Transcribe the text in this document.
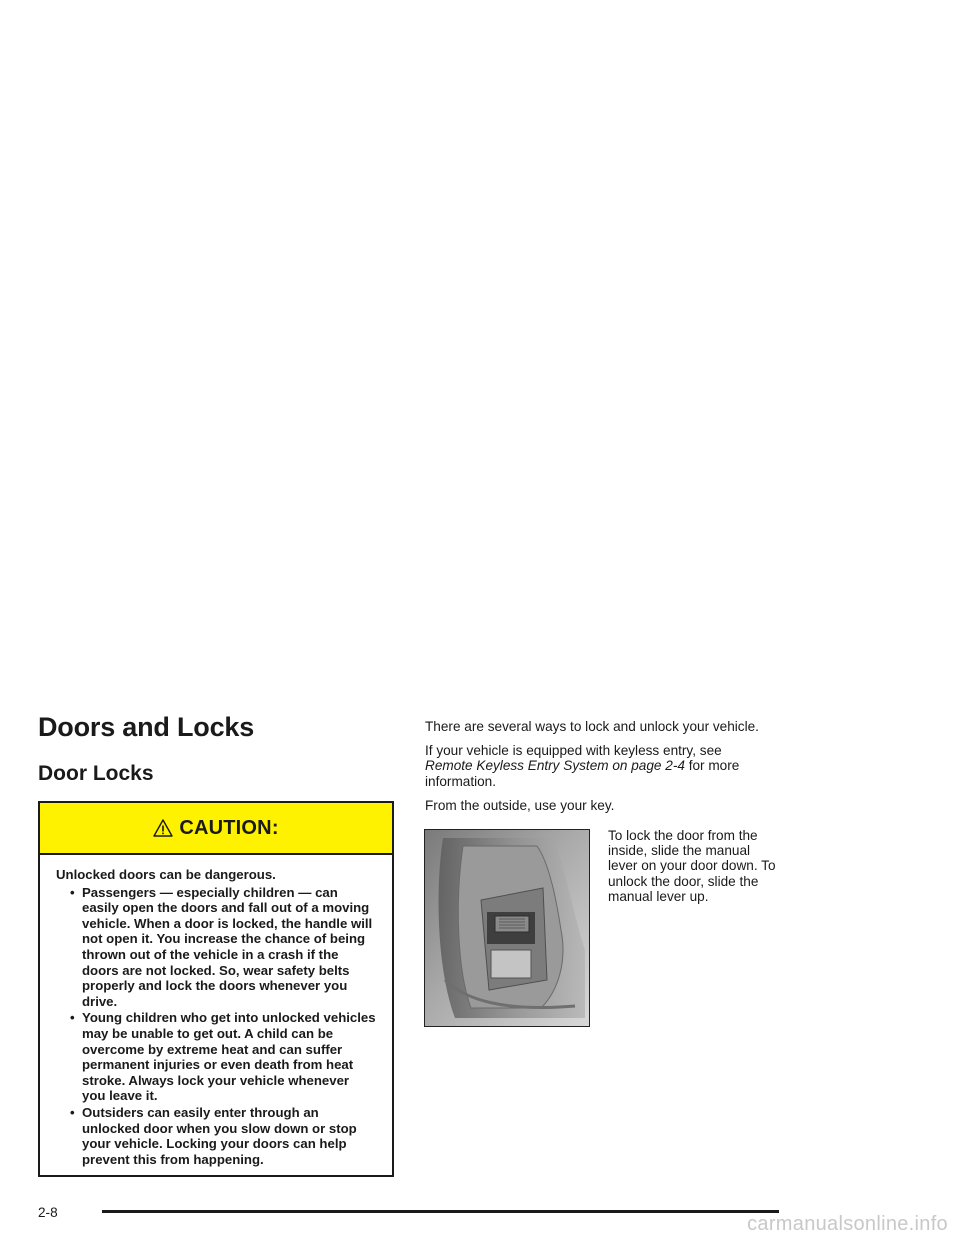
Doors and Locks
Door Locks
CAUTION:

Unlocked doors can be dangerous.

• Passengers — especially children — can easily open the doors and fall out of a moving vehicle. When a door is locked, the handle will not open it. You increase the chance of being thrown out of the vehicle in a crash if the doors are not locked. So, wear safety belts properly and lock the doors whenever you drive.
• Young children who get into unlocked vehicles may be unable to get out. A child can be overcome by extreme heat and can suffer permanent injuries or even death from heat stroke. Always lock your vehicle whenever you leave it.
• Outsiders can easily enter through an unlocked door when you slow down or stop your vehicle. Locking your doors can help prevent this from happening.

There are several ways to lock and unlock your vehicle.

If your vehicle is equipped with keyless entry, see
Remote Keyless Entry System on page 2-4 for more information.

From the outside, use your key.

To lock the door from the inside, slide the manual lever on your door down. To unlock the door, slide the manual lever up.
2-8
carmanualsonline.info
